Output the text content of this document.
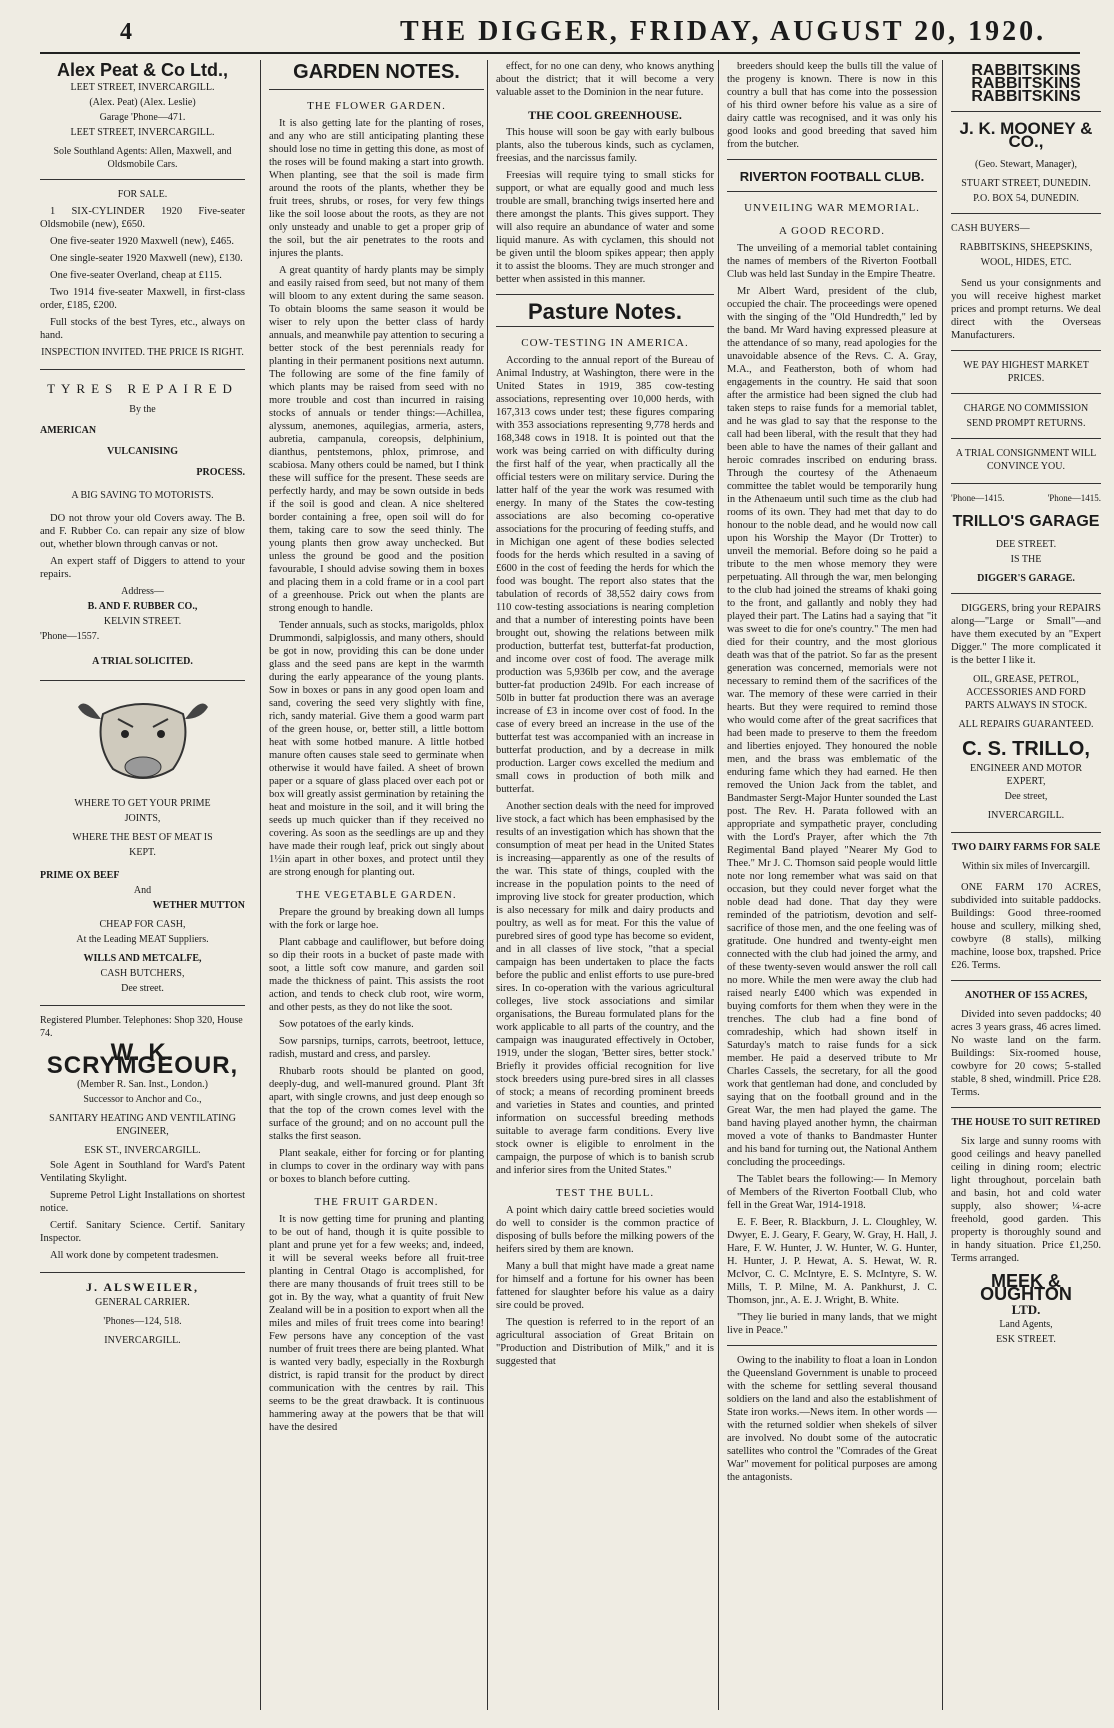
4	THE DIGGER, FRIDAY, AUGUST 20, 1920.
Alex Peat & Co Ltd.,
LEET STREET, INVERCARGILL.
(Alex. Peat) (Alex. Leslie)
Garage 'Phone—471.
LEET STREET, INVERCARGILL.
Sole Southland Agents: Allen, Maxwell, and Oldsmobile Cars.
FOR SALE.

1 SIX-CYLINDER 1920 Five-seater Oldsmobile (new), £650.

One five-seater 1920 Maxwell (new), £465.

One single-seater 1920 Maxwell (new), £130.

One five-seater Overland, cheap at £115.

Two 1914 five-seater Maxwell, in first-class order, £185, £200.

Full stocks of the best Tyres, etc., always on hand.

INSPECTION INVITED. THE PRICE IS RIGHT.
TYRES REPAIRED
By the
AMERICAN
VULCANISING
PROCESS.
A BIG SAVING TO MOTORISTS.

DO not throw your old Covers away. The B. and F. Rubber Co. can repair any size of blow out, whether blown through canvas or not.

An expert staff of Diggers to attend to your repairs.

Address—
B. AND F. RUBBER CO.,
KELVIN STREET.
'Phone—1557.
A TRIAL SOLICITED.
WHERE TO GET YOUR PRIME
JOINTS,
WHERE THE BEST OF MEAT IS
KEPT.
PRIME OX BEEF
And
WETHER MUTTON
CHEAP FOR CASH,
At the Leading MEAT Suppliers.
WILLS AND METCALFE,
CASH BUTCHERS,
Dee street.
Registered Plumber. Telephones: Shop 320, House 74.
W. K. SCRYMGEOUR,
(Member R. San. Inst., London.)
Successor to Anchor and Co.,
SANITARY HEATING AND VENTILATING ENGINEER,
ESK ST., INVERCARGILL.

Sole Agent in Southland for Ward's Patent Ventilating Skylight.

Supreme Petrol Light Installations on shortest notice.

Certif. Sanitary Science. Certif. Sanitary Inspector.

All work done by competent tradesmen.

J. ALSWEILER,
GENERAL CARRIER.
'Phones—124, 518.
INVERCARGILL.
GARDEN NOTES.
THE FLOWER GARDEN.

It is also getting late for the planting of roses, and any who are still anticipating planting these should lose no time in getting this done, as most of the roses will be found making a start into growth. When planting, see that the soil is made firm around the roots of the plants, whether they be fruit trees, shrubs, or roses, for very few things like the soil loose about the roots, as they are not only unsteady and unable to get a proper grip of the soil, but the air penetrates to the roots and injures the plants.

A great quantity of hardy plants may be simply and easily raised from seed, but not many of them will bloom to any extent during the same season. To obtain blooms the same season it would be wiser to rely upon the better class of hardy annuals, and meanwhile pay attention to securing a better stock of the best perennials ready for planting in their permanent positions next autumn. The following are some of the fine family of which plants may be raised from seed with no more trouble and cost than incurred in raising stocks of annuals or tender things:—Achillea, alyssum, anemones, aquilegias, armeria, asters, aubretia, campanula, coreopsis, delphinium, dianthus, pentstemons, phlox, primrose, and scabiosa. Many others could be named, but I think these will suffice for the present. These seeds are perfectly hardy, and may be sown outside in beds if the soil is good and clean. A nice sheltered border containing a free, open soil will do for them, taking care to sow the seed thinly. The young plants then grow away unchecked. But unless the ground be good and the position favourable, I should advise sowing them in boxes and placing them in a cold frame or in a cool part of a greenhouse. Prick out when the plants are strong enough to handle.

Tender annuals, such as stocks, marigolds, phlox Drummondi, salpiglossis, and many others, should be got in now, providing this can be done under glass and the seed pans are kept in the warmth during the early appearance of the young plants. Sow in boxes or pans in any good open loam and sand, covering the seed very slightly with fine, rich, sandy material. Give them a good warm part of the green house, or, better still, a little bottom heat with some hotbed manure. A little hotbed manure often causes stale seed to germinate when otherwise it would have failed. A sheet of brown paper or a square of glass placed over each pot or box will greatly assist germination by retaining the heat and moisture in the soil, and it will bring the seeds up much quicker than if they received no covering. As soon as the seedlings are up and they have made their rough leaf, prick out singly about 1½in apart in other boxes, and protect until they are strong enough for planting out.

THE VEGETABLE GARDEN.

Prepare the ground by breaking down all lumps with the fork or large hoe.

Plant cabbage and cauliflower, but before doing so dip their roots in a bucket of paste made with soot, a little soft cow manure, and garden soil made the thickness of paint. This assists the root action, and tends to check club root, wire worm, and other pests, as they do not like the soot.

Sow potatoes of the early kinds.

Sow parsnips, turnips, carrots, beetroot, lettuce, radish, mustard and cress, and parsley.

Rhubarb roots should be planted on good, deeply-dug, and well-manured ground. Plant 3ft apart, with single crowns, and just deep enough so that the top of the crown comes level with the surface of the ground; and on no account pull the stalks the first season.

Plant seakale, either for forcing or for planting in clumps to cover in the ordinary way with pans or boxes to blanch before cutting.

THE FRUIT GARDEN.

It is now getting time for pruning and planting to be out of hand, though it is quite possible to plant and prune yet for a few weeks; and, indeed, it will be several weeks before all fruit-tree planting in Central Otago is accomplished, for there are many thousands of fruit trees still to be got in. By the way, what a quantity of fruit New Zealand will be in a position to export when all the miles and miles of fruit trees come into bearing! Few persons have any conception of the vast number of fruit trees there are being planted. What is wanted very badly, especially in the Roxburgh district, is rapid transit for the product by direct communication with the centres by rail. This seems to be the great drawback. It is continuous hammering away at the powers that be that will have the desired

effect, for no one can deny, who knows anything about the district; that it will become a very valuable asset to the Dominion in the near future.

THE COOL GREENHOUSE.

This house will soon be gay with early bulbous plants, also the tuberous kinds, such as cyclamen, freesias, and the narcissus family.

Freesias will require tying to small sticks for support, or what are equally good and much less trouble are small, branching twigs inserted here and there amongst the plants. This gives support. They will also require an abundance of water and some liquid manure. As with cyclamen, this should not be given until the bloom spikes appear; then apply it to assist the blooms. They are much stronger and better when assisted in this manner.

Pasture Notes.
COW-TESTING IN AMERICA.

According to the annual report of the Bureau of Animal Industry, at Washington, there were in the United States in 1919, 385 cow-testing associations, representing over 10,000 herds, with 167,313 cows under test; these figures comparing with 353 associations representing 9,778 herds and 168,348 cows in 1918. It is pointed out that the work was being carried on with difficulty during the first half of the year, when practically all the official testers were on military service. During the latter half of the year the work was resumed with energy. In many of the States the cow-testing associations are also becoming co-operative associations for the procuring of feeding stuffs, and in Michigan one agent of these bodies selected foods for the herds which resulted in a saving of £600 in the cost of feeding the herds for which the food was bought. The report also states that the tabulation of records of 38,552 dairy cows from 110 cow-testing associations is nearing completion and that a number of interesting points have been brought out, showing the relations between milk production, butterfat test, butterfat-fat production, and income over cost of food. The average milk production was 5,936lb per cow, and the average butter-fat production 249lb. For each increase of 50lb in butter fat production there was an average increase of £3 in income over cost of food. In the case of every breed an increase in the use of the butterfat test was accompanied with an increase in butterfat production, and by a decrease in milk production. Larger cows excelled the medium and small cows in production of both milk and butterfat.

Another section deals with the need for improved live stock, a fact which has been emphasised by the results of an investigation which has shown that the consumption of meat per head in the United States is increasing—apparently as one of the results of the war. This state of things, coupled with the increase in the population points to the need of improving live stock for greater production, which is also necessary for milk and dairy products and poultry, as well as for meat. For this the value of purebred sires of good type has become so evident, and in all classes of live stock, "that a special campaign has been undertaken to place the facts before the public and enlist efforts to use pure-bred sires. In co-operation with the various agricultural colleges, live stock associations and similar organisations, the Bureau formulated plans for the work applicable to all parts of the country, and the campaign was inaugurated effectively in October, 1919, under the slogan, 'Better sires, better stock.' Briefly it provides official recognition for live stock breeders using pure-bred sires in all classes of stock; a means of recording prominent breeds and varieties in States and counties, and printed information on successful breeding methods suitable to average farm conditions. Every live stock owner is eligible to enrolment in the campaign, the purpose of which is to banish scrub and inferior sires from the United States."

TEST THE BULL.

A point which dairy cattle breed societies would do well to consider is the common practice of disposing of bulls before the milking powers of the heifers sired by them are known.

Many a bull that might have made a great name for himself and a fortune for his owner has been fattened for slaughter before his value as a dairy sire could be proved.

The question is referred to in the report of an agricultural association of Great Britain on "Production and Distribution of Milk," and it is suggested that

breeders should keep the bulls till the value of the progeny is known. There is now in this country a bull that has come into the possession of his third owner before his value as a sire of dairy cattle was recognised, and it was only his good looks and good breeding that saved him from the butcher.

RIVERTON FOOTBALL CLUB.
UNVEILING WAR MEMORIAL.
A GOOD RECORD.

The unveiling of a memorial tablet containing the names of members of the Riverton Football Club was held last Sunday in the Empire Theatre.

Mr Albert Ward, president of the club, occupied the chair. The proceedings were opened with the singing of the "Old Hundredth," led by the band. Mr Ward having expressed pleasure at the attendance of so many, read apologies for the unavoidable absence of the Revs. C. A. Gray, M.A., and Featherston, both of whom had engagements in the country. He said that soon after the armistice had been signed the club had taken steps to raise funds for a memorial tablet, and he was glad to say that the response to the call had been liberal, with the result that they had been able to have the names of their gallant and heroic comrades inscribed on enduring brass. Through the courtesy of the Athenaeum committee the tablet would be temporarily hung in the Athenaeum until such time as the club had rooms of its own. They had met that day to do honour to the noble dead, and he would now call upon his Worship the Mayor (Dr Trotter) to unveil the memorial. Before doing so he paid a tribute to the men whose memory they were perpetuating. All through the war, men belonging to the club had joined the streams of khaki going to the front, and gallantly and nobly they had played their part. The Latins had a saying that "it was sweet to die for one's country." The men had died for their country, and the most glorious death was that of the patriot. So far as the present generation was concerned, memorials were not necessary to remind them of the sacrifices of the war. The memory of these were carried in their hearts. But they were required to remind those who would come after of the great sacrifices that had been made to preserve to them the freedom and liberties enjoyed. They honoured the noble men, and the brass was emblematic of the enduring fame which they had earned. He then removed the Union Jack from the tablet, and Bandmaster Sergt-Major Hunter sounded the Last post. The Rev. H. Parata followed with an appropriate and sympathetic prayer, concluding with the Lord's Prayer, after which the 7th Regimental Band played "Nearer My God to Thee." Mr J. C. Thomson said people would little note nor long remember what was said on that occasion, but they could never forget what the noble dead had done. That day they were reminded of the patriotism, devotion and self-sacrifice of those men, and the one feeling was of gratitude. One hundred and twenty-eight men connected with the club had joined the army, and of these twenty-seven would answer the roll call no more. While the men were away the club had raised nearly £400 which was expended in buying comforts for them when they were in the trenches. The club had a fine bond of comradeship, which had shown itself in Saturday's match to raise funds for a sick member. He paid a deserved tribute to Mr Charles Cassels, the secretary, for all the good work that gentleman had done, and concluded by saying that on the football ground and in the Great War, the men had played the game. The band having played another hymn, the chairman moved a vote of thanks to Bandmaster Hunter and his band for turning out, the National Anthem concluding the proceedings.

The Tablet bears the following:— In Memory of Members of the Riverton Football Club, who fell in the Great War, 1914-1918.

E. F. Beer, R. Blackburn, J. L. Cloughley, W. Dwyer, E. J. Geary, F. Geary, W. Gray, H. Hall, J. Hare, F. W. Hunter, J. W. Hunter, W. G. Hunter, H. Hunter, J. P. Hewat, A. S. Hewat, W. R. McIvor, C. C. McIntyre, E. S. McIntyre, S. W. Mills, T. P. Milne, M. A. Pankhurst, J. C. Thomson, jnr., A. E. J. Wright, B. White.

"They lie buried in many lands, that we might live in Peace."

Owing to the inability to float a loan in London the Queensland Government is unable to proceed with the scheme for settling several thousand soldiers on the land and also the establishment of State iron works.—News item. In other words — with the returned soldier when shekels of silver are involved. No doubt some of the autocratic satellites who control the "Comrades of the Great War" movement for political purposes are among the antagonists.

RABBITSKINS
RABBITSKINS
RABBITSKINS
J. K. MOONEY & CO.,
(Geo. Stewart, Manager),
STUART STREET, DUNEDIN.
P.O. BOX 54, DUNEDIN.
CASH BUYERS—
RABBITSKINS, SHEEPSKINS,
WOOL, HIDES, ETC.

Send us your consignments and you will receive highest market prices and prompt returns. We deal direct with the Overseas Manufacturers.

WE PAY HIGHEST MARKET PRICES.
CHARGE NO COMMISSION
SEND PROMPT RETURNS.
A TRIAL CONSIGNMENT WILL CONVINCE YOU.
'Phone—1415.	'Phone—1415.
TRILLO'S GARAGE
DEE STREET.
IS THE
DIGGER'S GARAGE.

DIGGERS, bring your REPAIRS along—"Large or Small"—and have them executed by an "Expert Digger." The more complicated it is the better I like it.

OIL, GREASE, PETROL, ACCESSORIES AND FORD PARTS ALWAYS IN STOCK.
ALL REPAIRS GUARANTEED.
C. S. TRILLO,
ENGINEER AND MOTOR EXPERT,
Dee street,
INVERCARGILL.
TWO DAIRY FARMS FOR SALE
Within six miles of Invercargill.

ONE FARM 170 ACRES, subdivided into suitable paddocks. Buildings: Good three-roomed house and scullery, milking shed, cowbyre (8 stalls), milking machine, loose box, trapshed. Price £26. Terms.

ANOTHER OF 155 ACRES,

Divided into seven paddocks; 40 acres 3 years grass, 46 acres limed. No waste land on the farm. Buildings: Six-roomed house, cowbyre for 20 cows; 5-stalled stable, 8 shed, windmill. Price £28. Terms.

THE HOUSE TO SUIT RETIRED

Six large and sunny rooms with good ceilings and heavy panelled ceiling in dining room; electric light throughout, porcelain bath and basin, hot and cold water supply, also shower; ¼-acre freehold, good garden. This property is thoroughly sound and in handy situation. Price £1,250. Terms arranged.

MEEK & OUGHTON
LTD.
Land Agents,
ESK STREET.
